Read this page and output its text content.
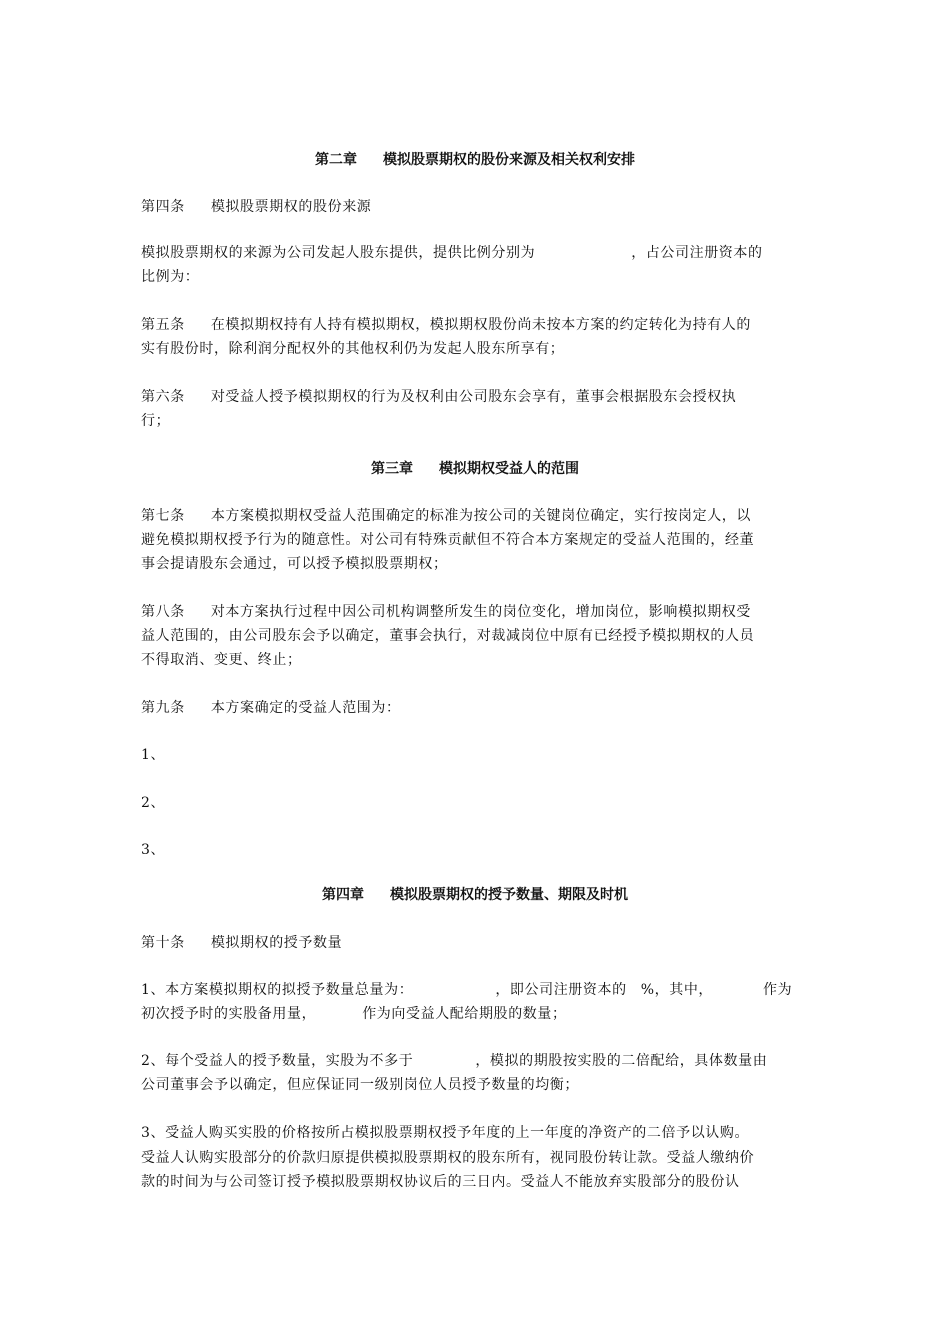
第二章 模拟股票期权的股份来源及相关权利安排
第四条 模拟股票期权的股份来源
模拟股票期权的来源为公司发起人股东提供，提供比例分别为	，占公司注册资本的
比例为：
第五条 在模拟期权持有人持有模拟期权，模拟期权股份尚未按本方案的约定转化为持有人的
实有股份时，除利润分配权外的其他权利仍为发起人股东所享有；
第六条 对受益人授予模拟期权的行为及权利由公司股东会享有，董事会根据股东会授权执
行；
第三章 模拟期权受益人的范围
第七条 本方案模拟期权受益人范围确定的标准为按公司的关键岗位确定，实行按岗定人，以
避免模拟期权授予行为的随意性。对公司有特殊贡献但不符合本方案规定的受益人范围的，经董
事会提请股东会通过，可以授予模拟股票期权；
第八条 对本方案执行过程中因公司机构调整所发生的岗位变化，增加岗位，影响模拟期权受
益人范围的，由公司股东会予以确定，董事会执行，对裁减岗位中原有已经授予模拟期权的人员
不得取消、变更、终止；
第九条 本方案确定的受益人范围为：
1、
2、
3、
第四章 模拟股票期权的授予数量、期限及时机
第十条 模拟期权的授予数量
1、本方案模拟期权的拟授予数量总量为：	，即公司注册资本的 %，其中，	作为
初次授予时的实股备用量，	作为向受益人配给期股的数量；
2、每个受益人的授予数量，实股为不多于	，模拟的期股按实股的二倍配给，具体数量由
公司董事会予以确定，但应保证同一级别岗位人员授予数量的均衡；
3、受益人购买实股的价格按所占模拟股票期权授予年度的上一年度的净资产的二倍予以认购。
受益人认购实股部分的价款归原提供模拟股票期权的股东所有，视同股份转让款。受益人缴纳价
款的时间为与公司签订授予模拟股票期权协议后的三日内。受益人不能放弃实股部分的股份认
